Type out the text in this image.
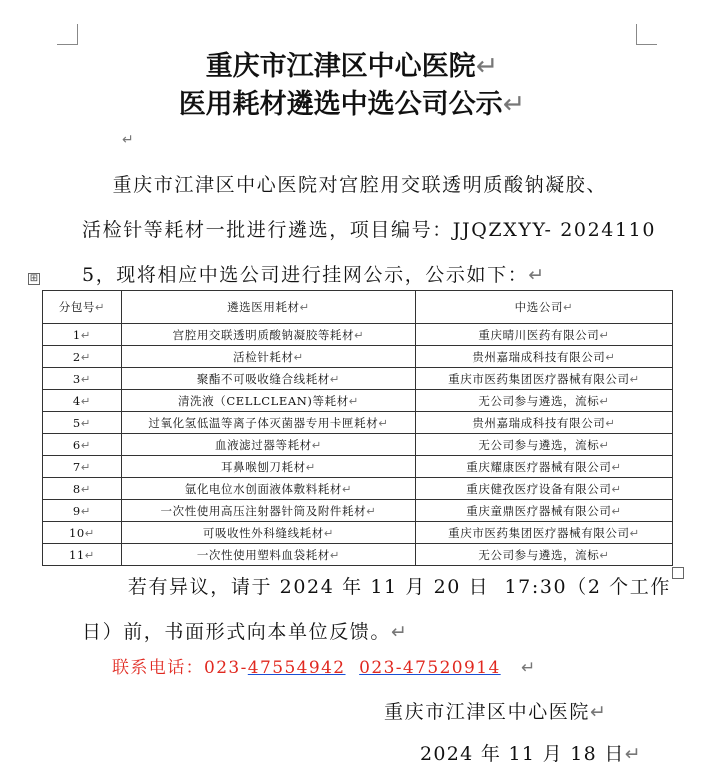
重庆市江津区中心医院↵
医用耗材遴选中选公司公示↵
↵
重庆市江津区中心医院对宫腔用交联透明质酸钠凝胶、
活检针等耗材一批进行遴选，项目编号：JJQZXYY- 2024110
5，现将相应中选公司进行挂网公示，公示如下：↵
⊞
分包号↵	遴选医用耗材↵	中选公司↵
1↵	宫腔用交联透明质酸钠凝胶等耗材↵	重庆晴川医药有限公司↵
2↵	活检针耗材↵	贵州嘉瑞成科技有限公司↵
3↵	聚酯不可吸收缝合线耗材↵	重庆市医药集团医疗器械有限公司↵
4↵	清洗液（CELLCLEAN)等耗材↵	无公司参与遴选，流标↵
5↵	过氧化氢低温等离子体灭菌器专用卡匣耗材↵	贵州嘉瑞成科技有限公司↵
6↵	血液滤过器等耗材↵	无公司参与遴选，流标↵
7↵	耳鼻喉刨刀耗材↵	重庆耀康医疗器械有限公司↵
8↵	氩化电位水创面液体敷料耗材↵	重庆健孜医疗设备有限公司↵
9↵	一次性使用高压注射器针筒及附件耗材↵	重庆童鼎医疗器械有限公司↵
10↵	可吸收性外科缝线耗材↵	重庆市医药集团医疗器械有限公司↵
11↵	一次性使用塑料血袋耗材↵	无公司参与遴选，流标↵
若有异议，请于 2024 年 11 月 20 日  17:30（2 个工作
日）前，书面形式向本单位反馈。↵
联系电话：023-47554942 023-47520914 ↵
重庆市江津区中心医院↵
2024 年 11 月 18 日↵
